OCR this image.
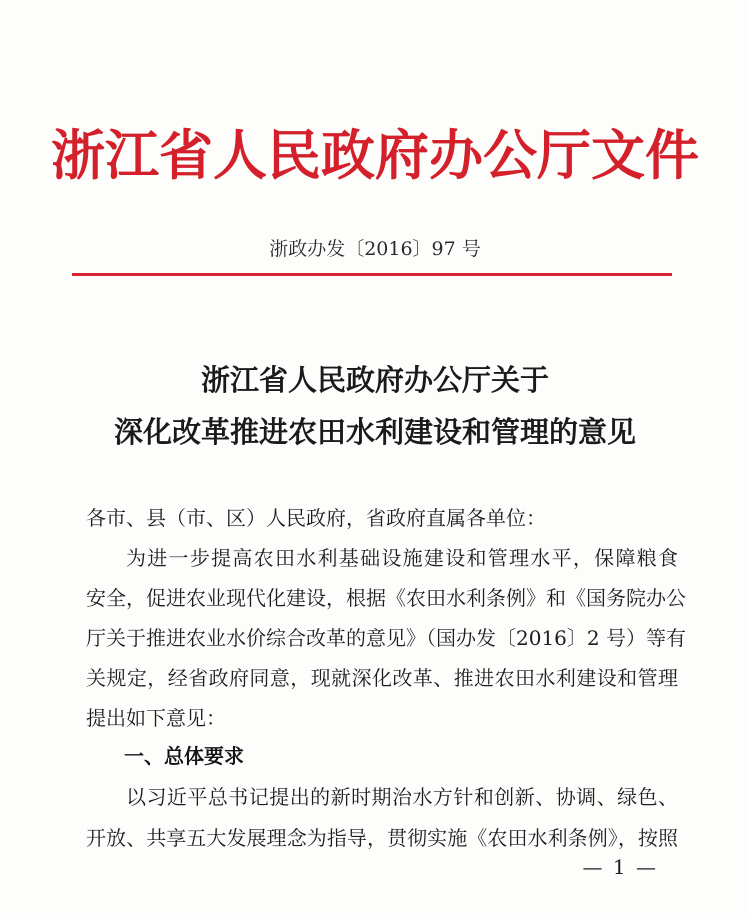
浙江省人民政府办公厅文件
浙政办发〔2016〕97 号
浙江省人民政府办公厅关于
深化改革推进农田水利建设和管理的意见
各市、县（市、区）人民政府，省政府直属各单位：
为进一步提高农田水利基础设施建设和管理水平，保障粮食
安全，促进农业现代化建设，根据《农田水利条例》和《国务院办公
厅关于推进农业水价综合改革的意见》（国办发〔2016〕2 号）等有
关规定，经省政府同意，现就深化改革、推进农田水利建设和管理
提出如下意见：
一、总体要求
以习近平总书记提出的新时期治水方针和创新、协调、绿色、
开放、共享五大发展理念为指导，贯彻实施《农田水利条例》，按照
— 1 —
